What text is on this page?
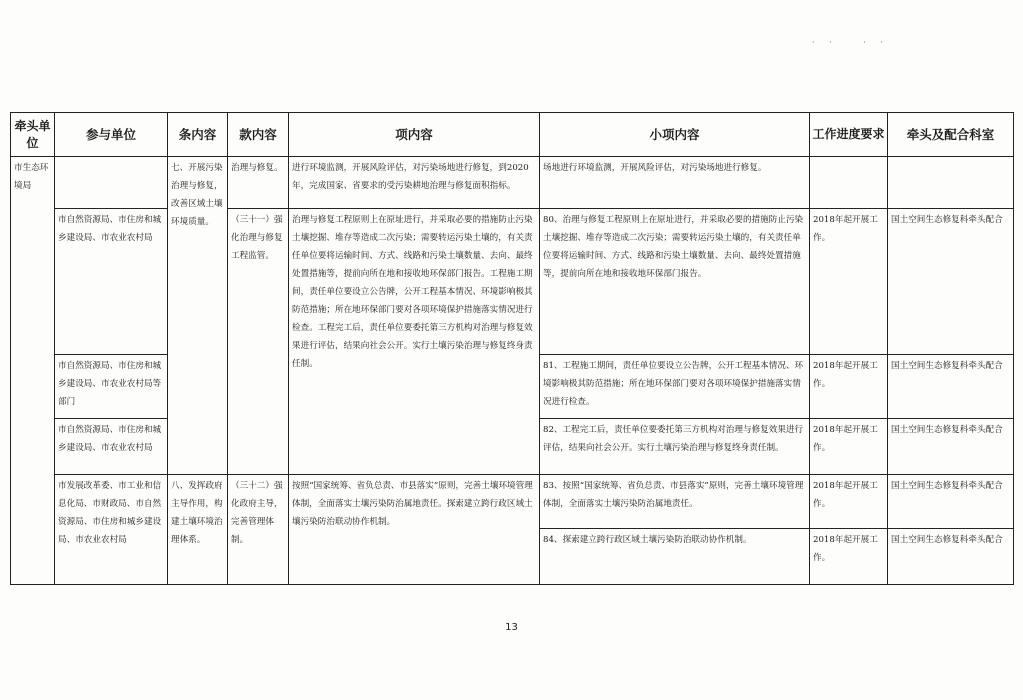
· ·   · ·
牵头单位	参与单位	条内容	款内容	项内容	小项内容	工作进度要求	牵头及配合科室
市生态环境局		七、开展污染治理与修复，改善区域土壤环境质量。	治理与修复。	进行环境监测，开展风险评估，对污染场地进行修复，到2020年，完成国家、省要求的受污染耕地治理与修复面积指标。	场地进行环境监测，开展风险评估，对污染场地进行修复。		
	市自然资源局、市住房和城乡建设局、市农业农村局		（三十一）强化治理与修复工程监管。	治理与修复工程原则上在原址进行，并采取必要的措施防止污染土壤挖掘、堆存等造成二次污染；需要转运污染土壤的，有关责任单位要将运输时间、方式、线路和污染土壤数量、去向、最终处置措施等，提前向所在地和接收地环保部门报告。工程施工期间，责任单位要设立公告牌，公开工程基本情况、环境影响极其防范措施；所在地环保部门要对各项环境保护措施落实情况进行检查。工程完工后，责任单位要委托第三方机构对治理与修复效果进行评估，结果向社会公开。实行土壤污染治理与修复终身责任制。	80、治理与修复工程原则上在原址进行，并采取必要的措施防止污染土壤挖掘、堆存等造成二次污染；需要转运污染土壤的，有关责任单位要将运输时间、方式、线路和污染土壤数量、去向、最终处置措施等，提前向所在地和接收地环保部门报告。	2018年起开展工作。	国土空间生态修复科牵头配合
	市自然资源局、市住房和城乡建设局、市农业农村局等部门				81、工程施工期间，责任单位要设立公告牌，公开工程基本情况、环境影响极其防范措施；所在地环保部门要对各项环境保护措施落实情况进行检查。	2018年起开展工作。	国土空间生态修复科牵头配合
	市自然资源局、市住房和城乡建设局、市农业农村局				82、工程完工后，责任单位要委托第三方机构对治理与修复效果进行评估，结果向社会公开。实行土壤污染治理与修复终身责任制。	2018年起开展工作。	国土空间生态修复科牵头配合
	市发展改革委、市工业和信息化局、市财政局、市自然资源局、市住房和城乡建设局、市农业农村局	八、发挥政府主导作用，构建土壤环境治理体系。	（三十二）强化政府主导，完善管理体制。	按照“国家统筹、省负总责、市县落实”原则，完善土壤环境管理体制，全面落实土壤污染防治属地责任。探索建立跨行政区域土壤污染防治联动协作机制。	83、按照“国家统筹、省负总责、市县落实”原则，完善土壤环境管理体制，全面落实土壤污染防治属地责任。	2018年起开展工作。	国土空间生态修复科牵头配合
					84、探索建立跨行政区域土壤污染防治联动协作机制。	2018年起开展工作。	国土空间生态修复科牵头配合
13
